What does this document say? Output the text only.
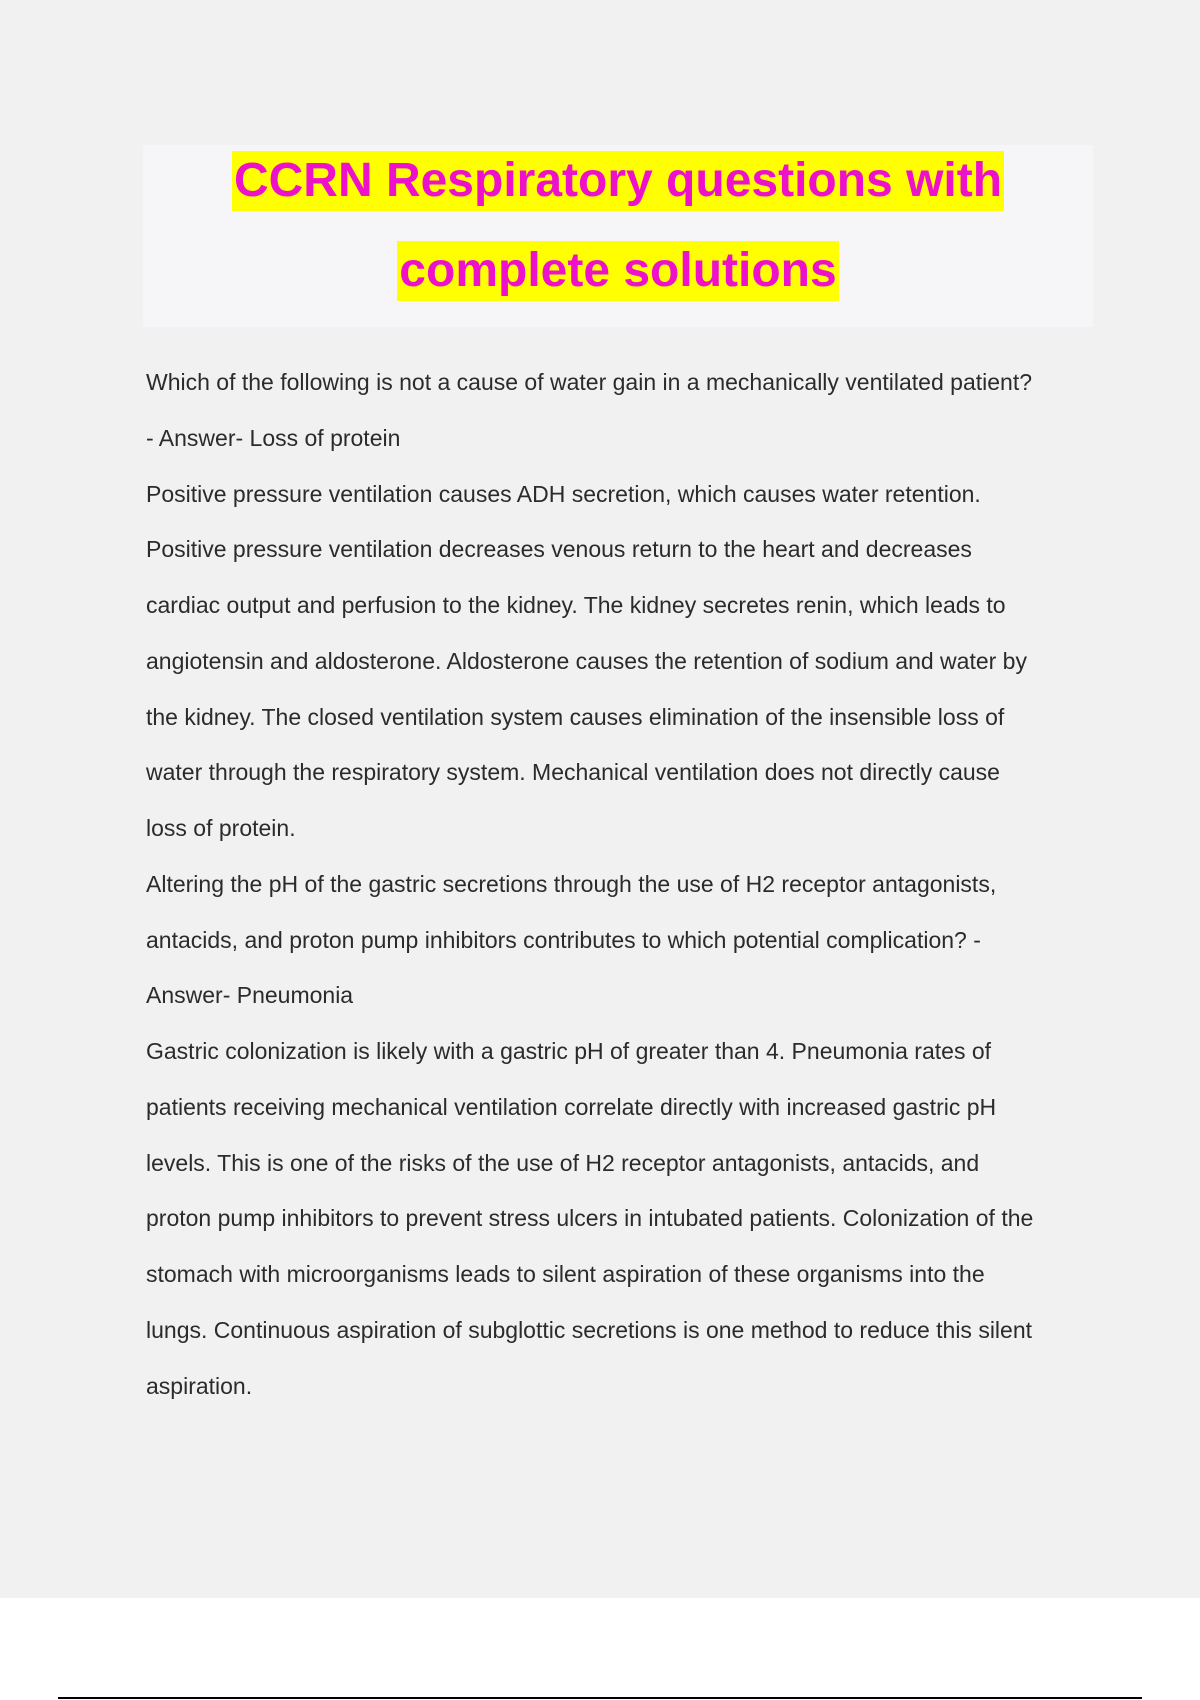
CCRN Respiratory questions with
complete solutions

Which of the following is not a cause of water gain in a mechanically ventilated patient?

- Answer- Loss of protein

Positive pressure ventilation causes ADH secretion, which causes water retention.

Positive pressure ventilation decreases venous return to the heart and decreases

cardiac output and perfusion to the kidney. The kidney secretes renin, which leads to

angiotensin and aldosterone. Aldosterone causes the retention of sodium and water by

the kidney. The closed ventilation system causes elimination of the insensible loss of

water through the respiratory system. Mechanical ventilation does not directly cause

loss of protein.

Altering the pH of the gastric secretions through the use of H2 receptor antagonists,

antacids, and proton pump inhibitors contributes to which potential complication? -

Answer- Pneumonia

Gastric colonization is likely with a gastric pH of greater than 4. Pneumonia rates of

patients receiving mechanical ventilation correlate directly with increased gastric pH

levels. This is one of the risks of the use of H2 receptor antagonists, antacids, and

proton pump inhibitors to prevent stress ulcers in intubated patients. Colonization of the

stomach with microorganisms leads to silent aspiration of these organisms into the

lungs. Continuous aspiration of subglottic secretions is one method to reduce this silent

aspiration.
